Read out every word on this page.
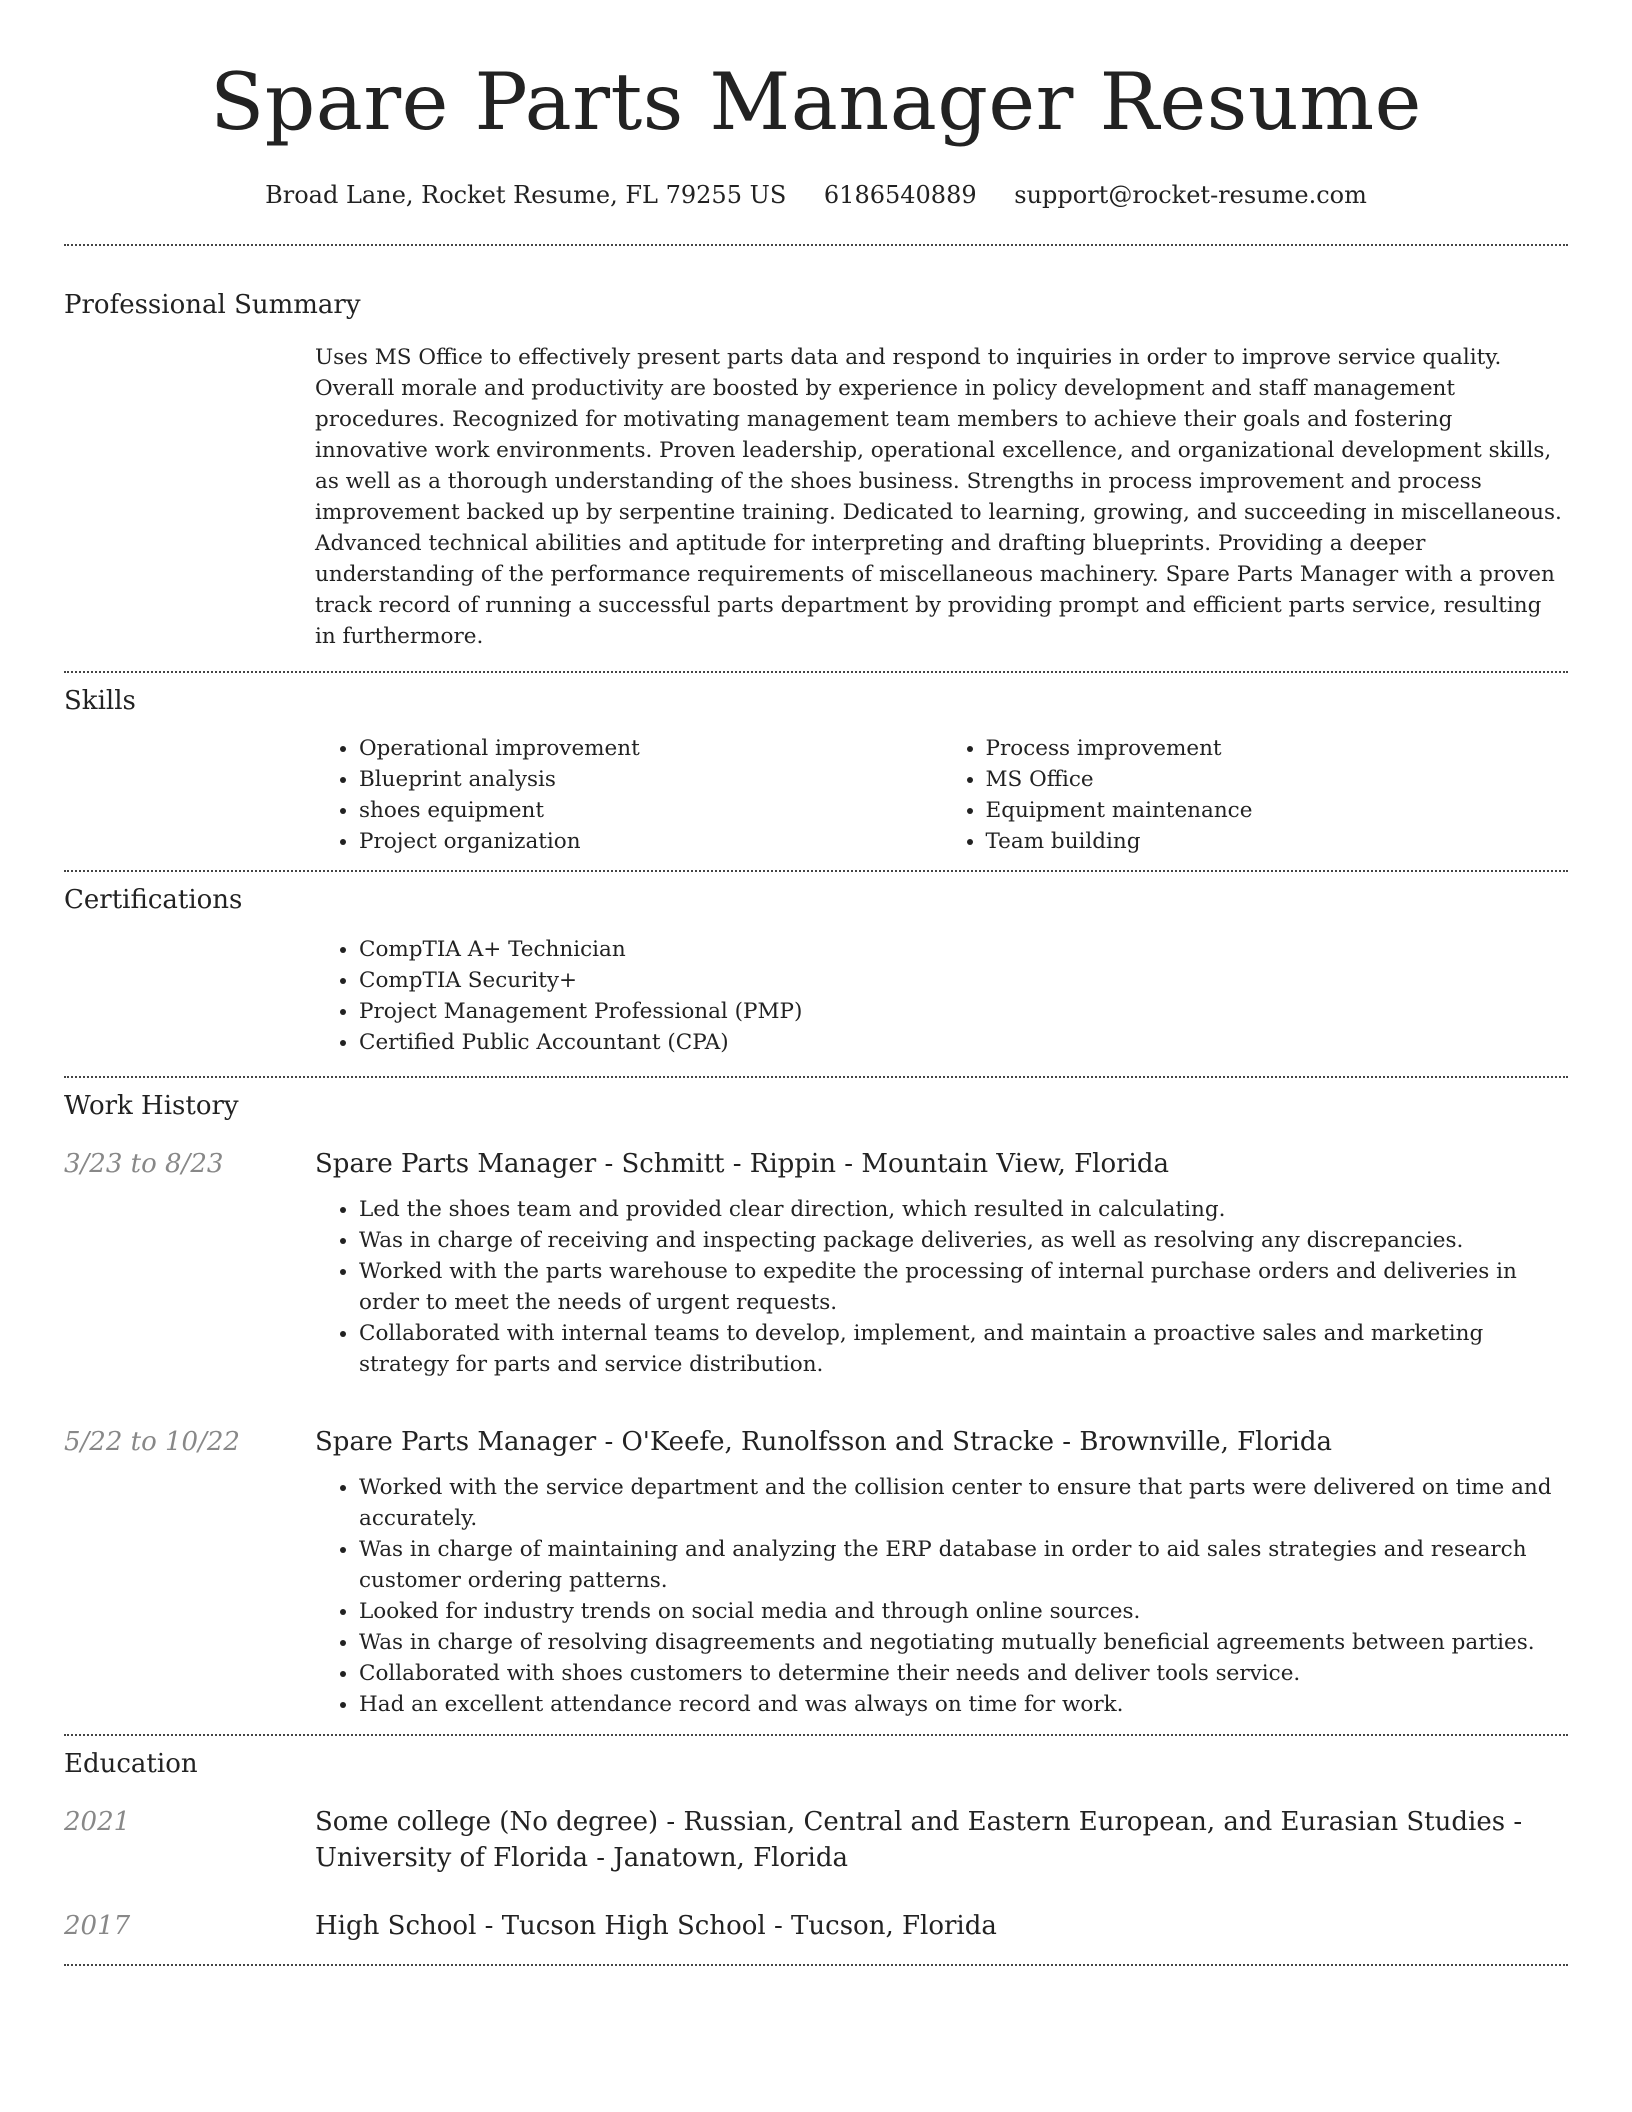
Spare Parts Manager Resume
Broad Lane, Rocket Resume, FL 79255 US 6186540889 support@rocket-resume.com
Professional Summary
Uses MS Office to effectively present parts data and respond to inquiries in order to improve service quality. Overall morale and productivity are boosted by experience in policy development and staff management procedures. Recognized for motivating management team members to achieve their goals and fostering innovative work environments. Proven leadership, operational excellence, and organizational development skills, as well as a thorough understanding of the shoes business. Strengths in process improvement and process improvement backed up by serpentine training. Dedicated to learning, growing, and succeeding in miscellaneous. Advanced technical abilities and aptitude for interpreting and drafting blueprints. Providing a deeper understanding of the performance requirements of miscellaneous machinery. Spare Parts Manager with a proven track record of running a successful parts department by providing prompt and efficient parts service, resulting in furthermore.
Skills
• Operational improvement
• Blueprint analysis
• shoes equipment
• Project organization
• Process improvement
• MS Office
• Equipment maintenance
• Team building
Certifications
• CompTIA A+ Technician
• CompTIA Security+
• Project Management Professional (PMP)
• Certified Public Accountant (CPA)
Work History
3/23 to 8/23	Spare Parts Manager - Schmitt - Rippin - Mountain View, Florida
• Led the shoes team and provided clear direction, which resulted in calculating.
• Was in charge of receiving and inspecting package deliveries, as well as resolving any discrepancies.
• Worked with the parts warehouse to expedite the processing of internal purchase orders and deliveries in order to meet the needs of urgent requests.
• Collaborated with internal teams to develop, implement, and maintain a proactive sales and marketing strategy for parts and service distribution.
5/22 to 10/22	Spare Parts Manager - O'Keefe, Runolfsson and Stracke - Brownville, Florida
• Worked with the service department and the collision center to ensure that parts were delivered on time and accurately.
• Was in charge of maintaining and analyzing the ERP database in order to aid sales strategies and research customer ordering patterns.
• Looked for industry trends on social media and through online sources.
• Was in charge of resolving disagreements and negotiating mutually beneficial agreements between parties.
• Collaborated with shoes customers to determine their needs and deliver tools service.
• Had an excellent attendance record and was always on time for work.
Education
2021	Some college (No degree) - Russian, Central and Eastern European, and Eurasian Studies - University of Florida - Janatown, Florida
2017	High School - Tucson High School - Tucson, Florida
